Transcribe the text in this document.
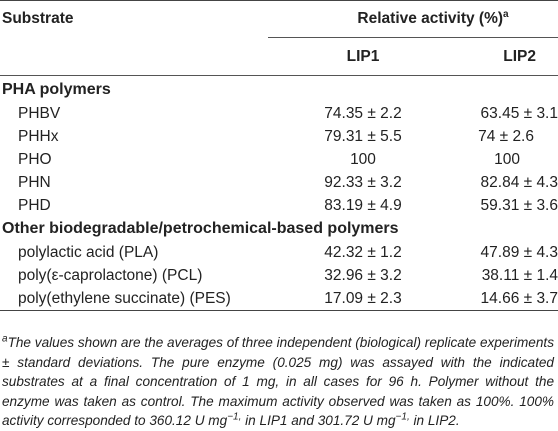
Substrate	Relative activity (%)$^a$
	LIP1	LIP2
PHA polymers		
PHBV	74.35 ± 2.2	63.45 ± 3.1
PHHx	79.31 ± 5.5	74 ± 2.6
PHO	100	100
PHN	92.33 ± 3.2	82.84 ± 4.3
PHD	83.19 ± 4.9	59.31 ± 3.6
Other biodegradable/petrochemical-based polymers		
polylactic acid (PLA)	42.32 ± 1.2	47.89 ± 4.3
poly(ε-caprolactone) (PCL)	32.96 ± 3.2	38.11 ± 1.4
poly(ethylene succinate) (PES)	17.09 ± 2.3	14.66 ± 3.7
$^a$The values shown are the averages of three independent (biological) replicate experiments ± standard deviations. The pure enzyme (0.025 mg) was assayed with the indicated substrates at a final concentration of 1 mg, in all cases for 96 h. Polymer without the enzyme was taken as control. The maximum activity observed was taken as 100%. 100% activity corresponded to 360.12 U $mg^{-1,}$ in LIP1 and 301.72 U $mg^{-1,}$ in LIP2.
